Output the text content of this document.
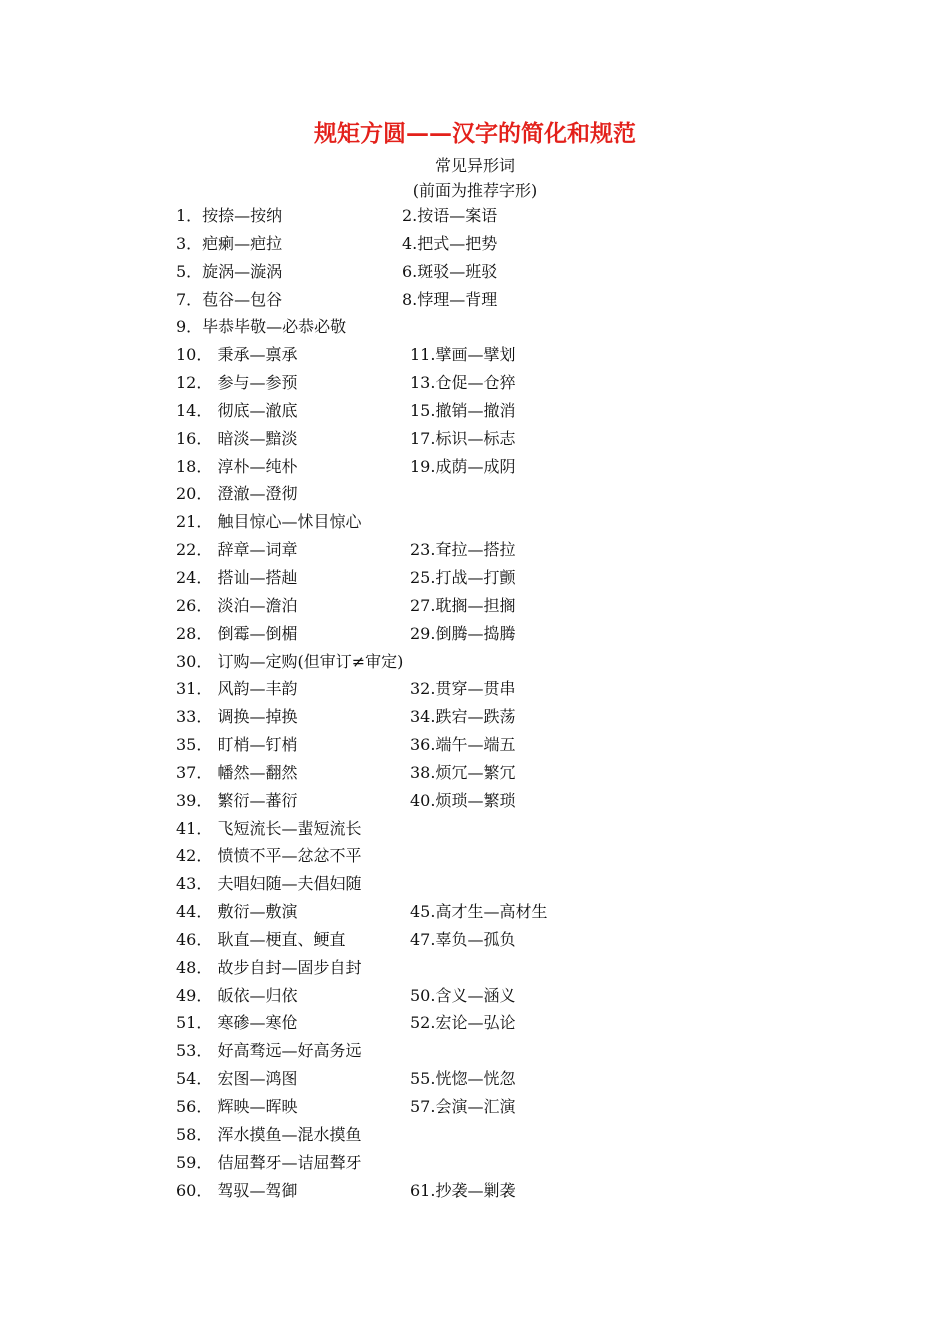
规矩方圆——汉字的简化和规范
常见异形词
(前面为推荐字形)
1．按捺—按纳	2.按语—案语
3．疤瘌—疤拉	4.把式—把势
5．旋涡—漩涡	6.斑驳—班驳
7．苞谷—包谷	8.悖理—背理
9．毕恭毕敬—必恭必敬
10． 秉承—禀承	11.擘画—擘划
12． 参与—参预	13.仓促—仓猝
14． 彻底—澈底	15.撤销—撤消
16． 暗淡—黯淡	17.标识—标志
18． 淳朴—纯朴	19.成荫—成阴
20． 澄澈—澄彻
21． 触目惊心—怵目惊心
22． 辞章—词章	23.耷拉—搭拉
24． 搭讪—搭赸	25.打战—打颤
26． 淡泊—澹泊	27.耽搁—担搁
28． 倒霉—倒楣	29.倒腾—捣腾
30． 订购—定购(但审订≠审定)
31． 风韵—丰韵	32.贯穿—贯串
33． 调换—掉换	34.跌宕—跌荡
35． 盯梢—钉梢	36.端午—端五
37． 幡然—翻然	38.烦冗—繁冗
39． 繁衍—蕃衍	40.烦琐—繁琐
41． 飞短流长—蜚短流长
42． 愤愤不平—忿忿不平
43． 夫唱妇随—夫倡妇随
44． 敷衍—敷演	45.高才生—高材生
46． 耿直—梗直、鲠直	47.辜负—孤负
48． 故步自封—固步自封
49． 皈依—归依	50.含义—涵义
51． 寒碜—寒伧	52.宏论—弘论
53． 好高骛远—好高务远
54． 宏图—鸿图	55.恍惚—恍忽
56． 辉映—晖映	57.会演—汇演
58． 浑水摸鱼—混水摸鱼
59． 佶屈聱牙—诘屈聱牙
60． 驾驭—驾御	61.抄袭—剿袭
